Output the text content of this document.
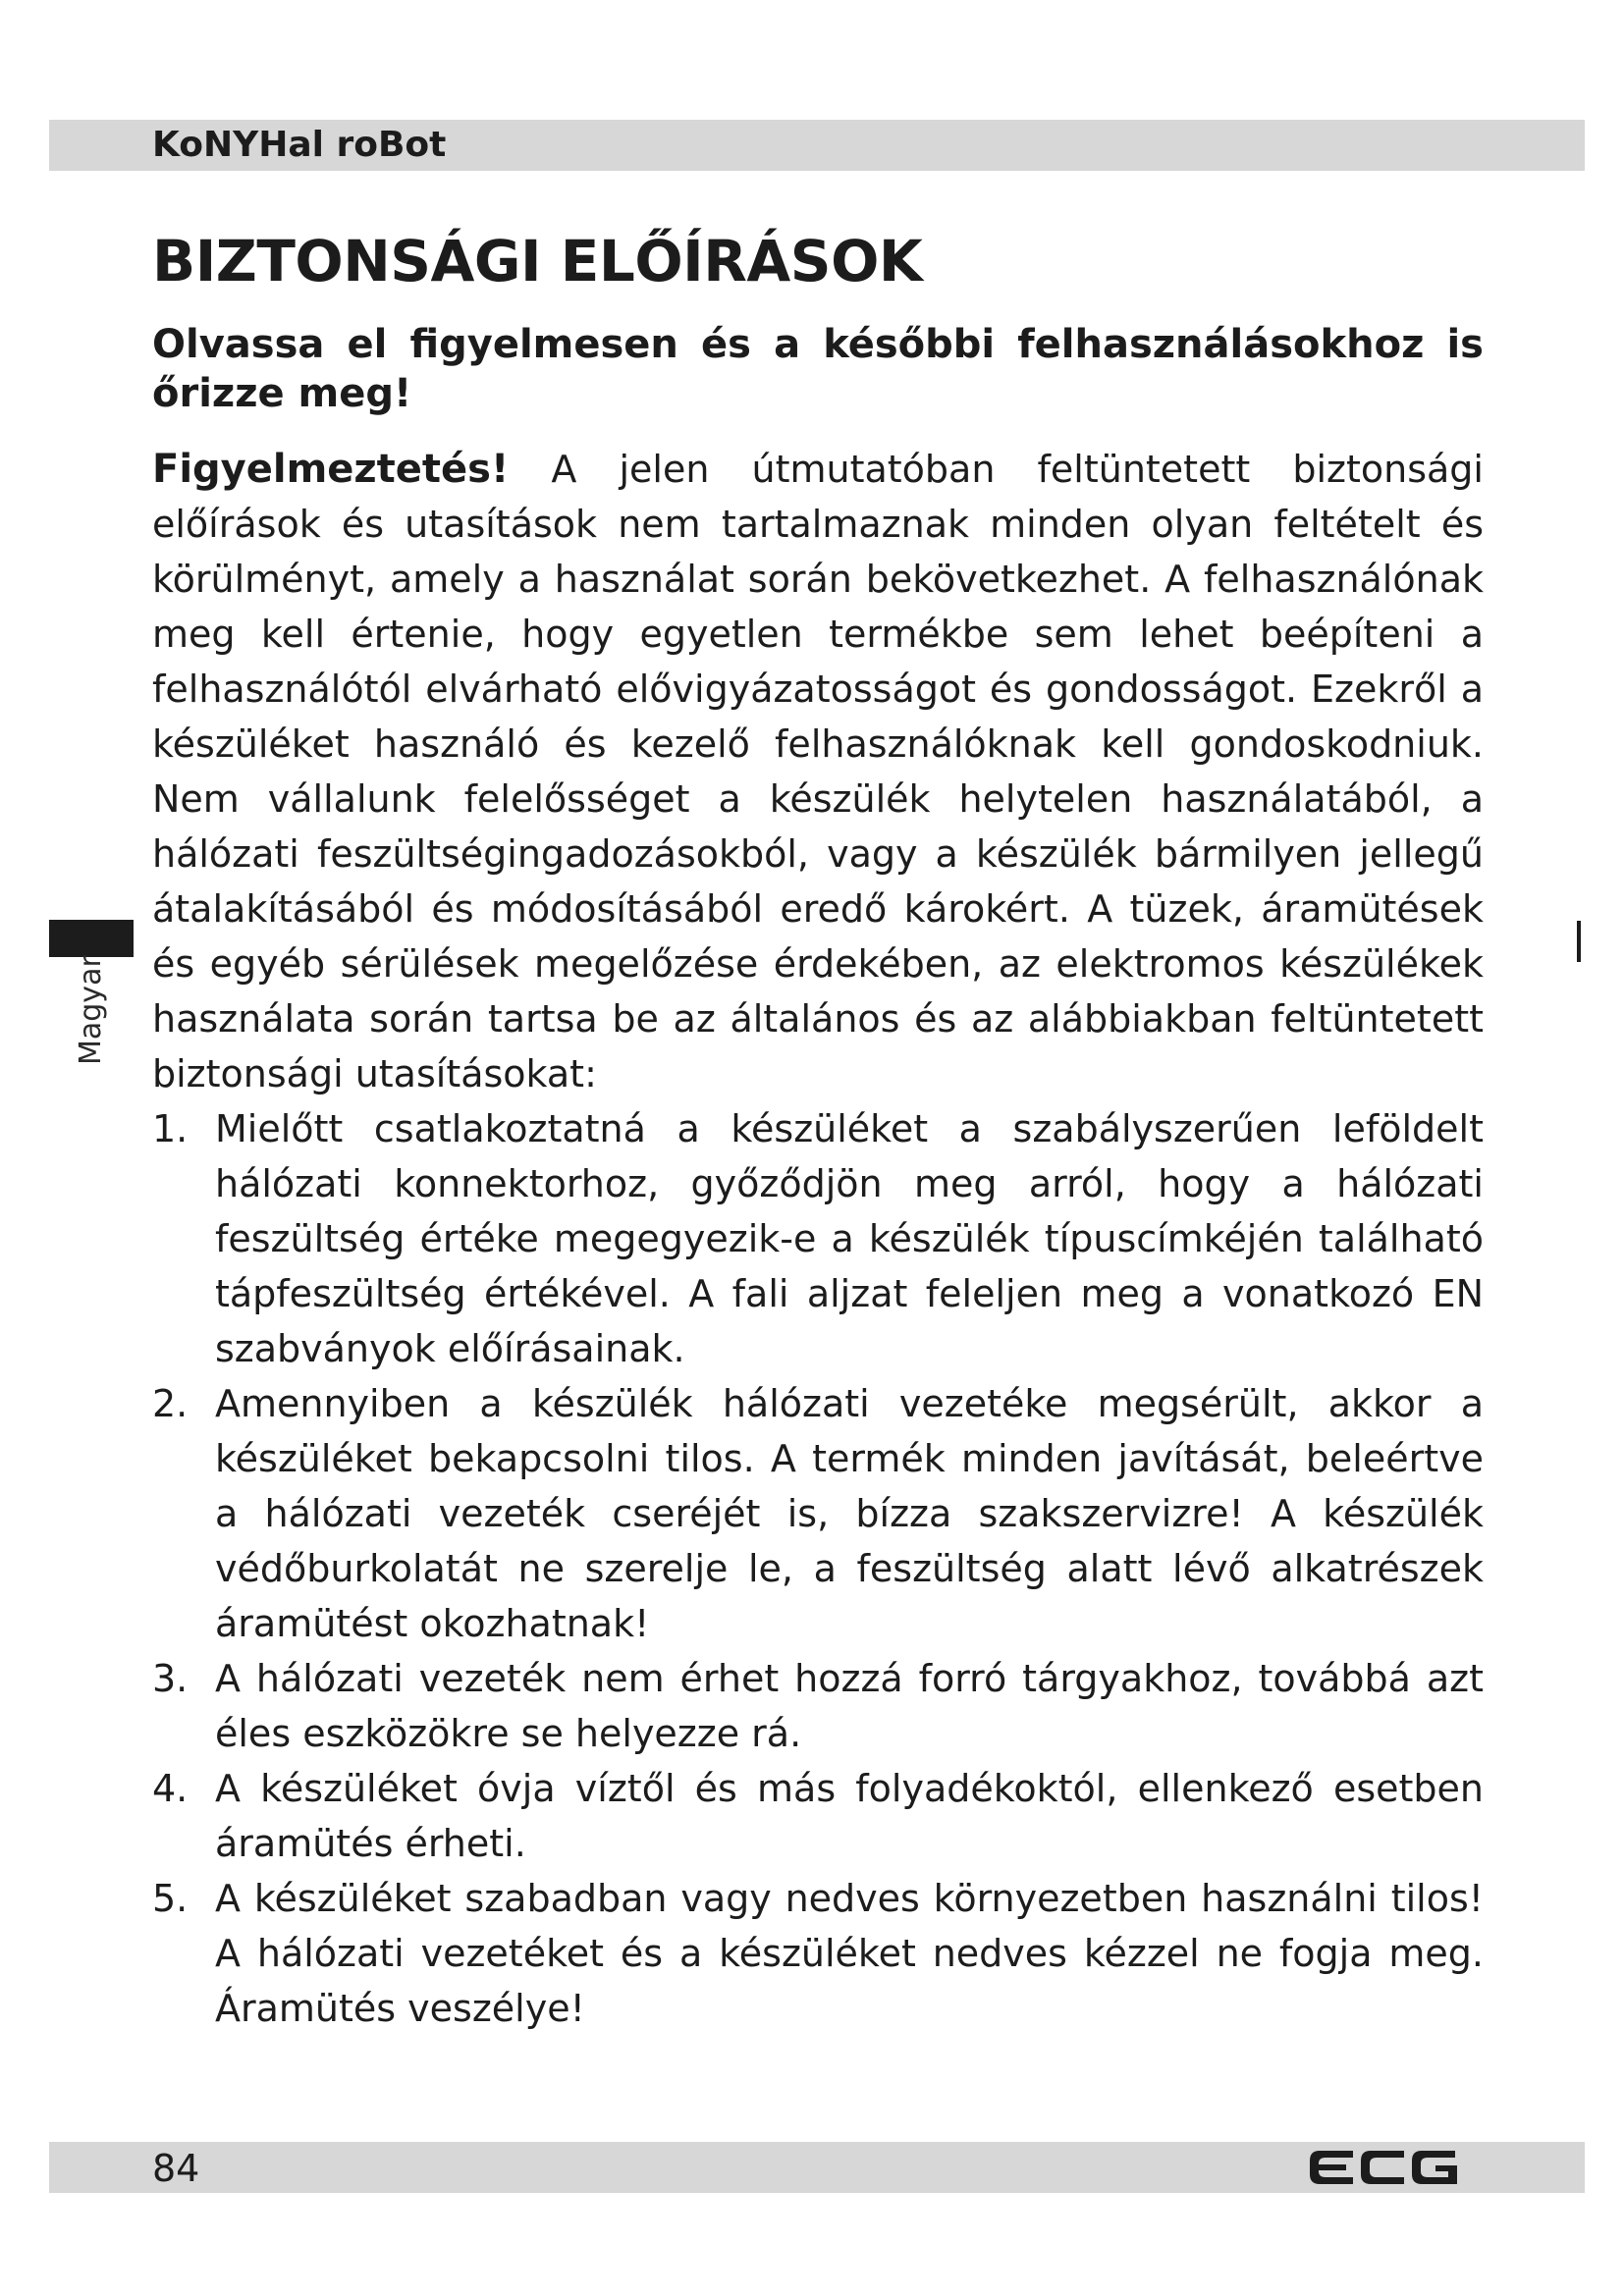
KoNYHal roBot
Magyar
BIZTONSÁGI ELŐÍRÁSOK

Olvassa el figyelmesen és a későbbi felhasználásokhoz is őrizze meg!

Figyelmeztetés! A jelen útmutatóban feltüntetett biztonsági előírások és utasítások nem tartalmaznak minden olyan feltételt és körülményt, amely a használat során bekövetkezhet. A felhasználónak meg kell értenie, hogy egyetlen termékbe sem lehet beépíteni a felhasználótól elvárható elővigyázatosságot és gondosságot. Ezekről a készüléket használó és kezelő felhasználóknak kell gondoskodniuk. Nem vállalunk felelősséget a készülék helytelen használatából, a hálózati feszültségingadozásokból, vagy a készülék bármilyen jellegű átalakításából és módosításából eredő károkért. A tüzek, áramütések és egyéb sérülések megelőzése érdekében, az elektromos készülékek használata során tartsa be az általános és az alábbiakban feltüntetett biztonsági utasításokat:

1. Mielőtt csatlakoztatná a készüléket a szabályszerűen leföldelt hálózati konnektorhoz, győződjön meg arról, hogy a hálózati feszültség értéke megegyezik-e a készülék típuscímkéjén található tápfeszültség értékével. A fali aljzat feleljen meg a vonatkozó EN szabványok előírásainak.
2. Amennyiben a készülék hálózati vezetéke megsérült, akkor a készüléket bekapcsolni tilos. A termék minden javítását, beleértve a hálózati vezeték cseréjét is, bízza szakszervizre! A készülék védőburkolatát ne szerelje le, a feszültség alatt lévő alkatrészek áramütést okozhatnak!
3. A hálózati vezeték nem érhet hozzá forró tárgyakhoz, továbbá azt éles eszközökre se helyezze rá.
4. A készüléket óvja víztől és más folyadékoktól, ellenkező esetben áramütés érheti.
5. A készüléket szabadban vagy nedves környezetben használni tilos! A hálózati vezetéket és a készüléket nedves kézzel ne fogja meg. Áramütés veszélye!
84
